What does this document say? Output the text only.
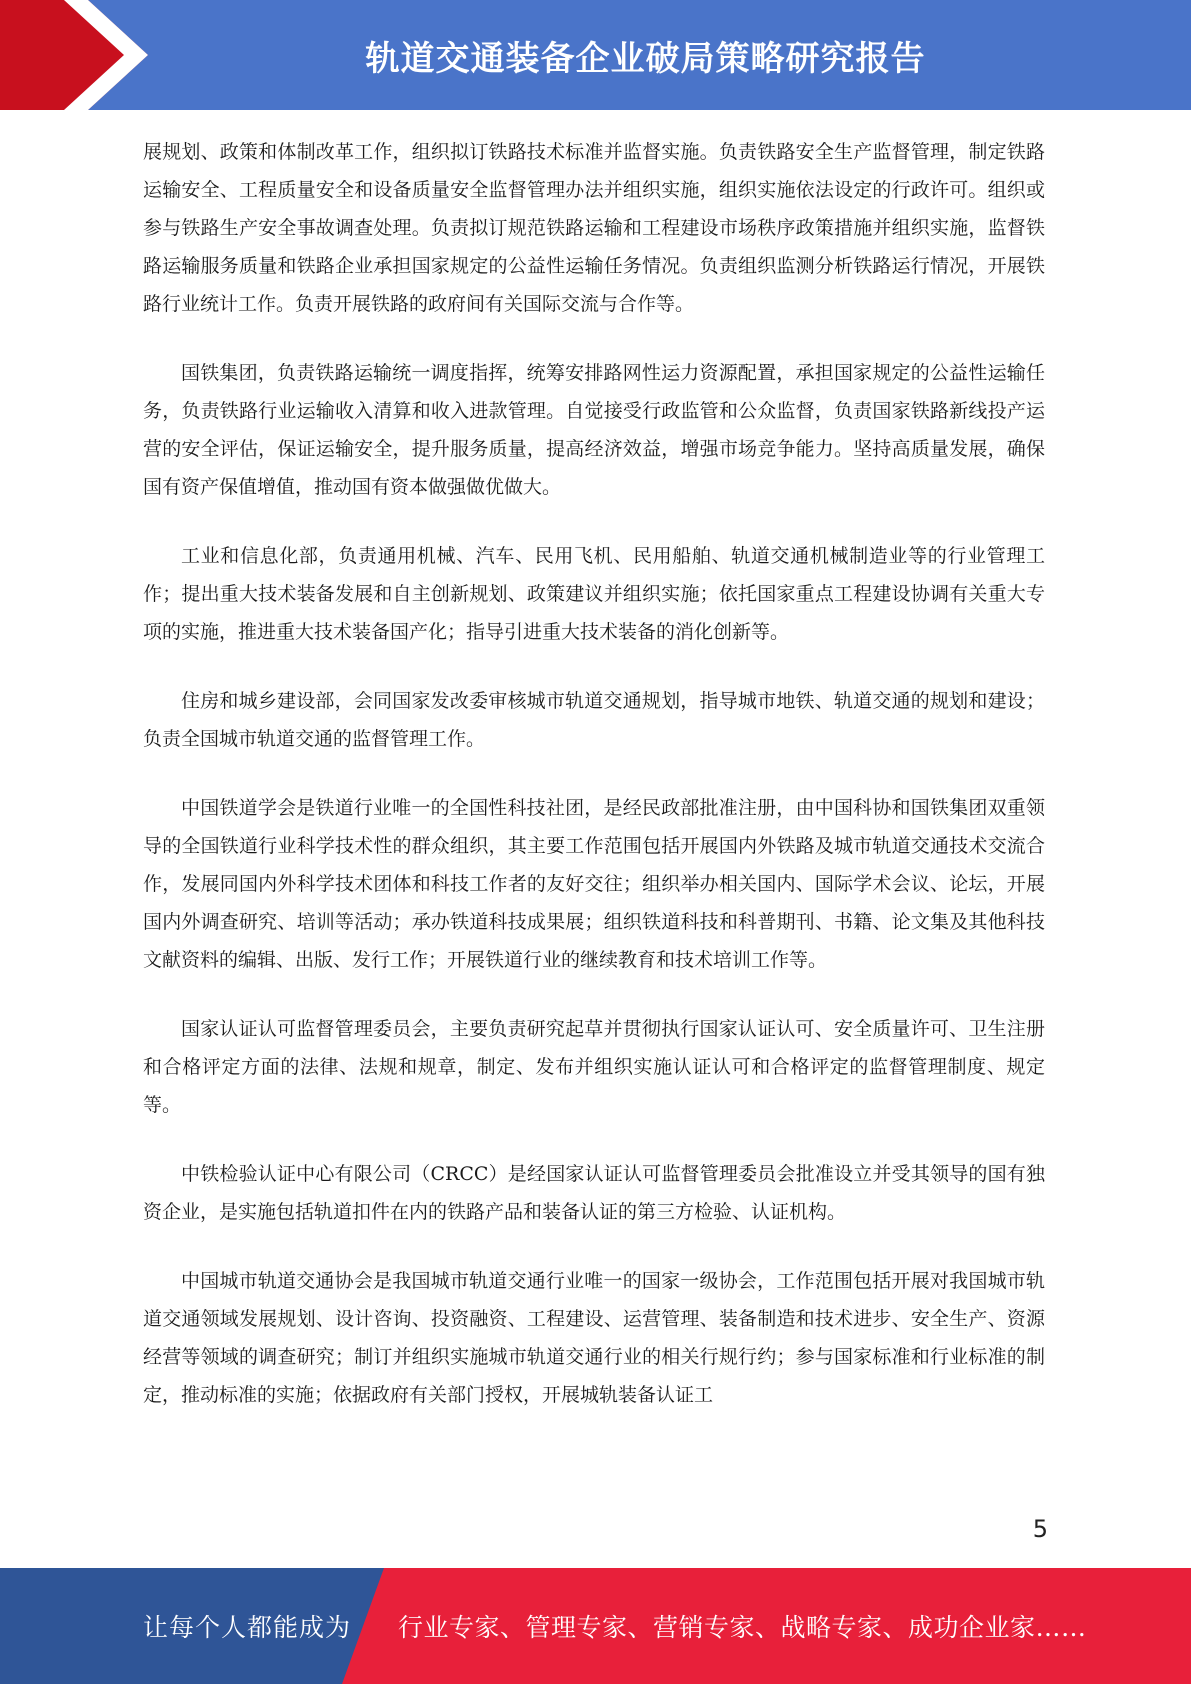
轨道交通装备企业破局策略研究报告

展规划、政策和体制改革工作，组织拟订铁路技术标准并监督实施。负责铁路安全生产监督管理，制定铁路运输安全、工程质量安全和设备质量安全监督管理办法并组织实施，组织实施依法设定的行政许可。组织或参与铁路生产安全事故调查处理。负责拟订规范铁路运输和工程建设市场秩序政策措施并组织实施，监督铁路运输服务质量和铁路企业承担国家规定的公益性运输任务情况。负责组织监测分析铁路运行情况，开展铁路行业统计工作。负责开展铁路的政府间有关国际交流与合作等。

国铁集团，负责铁路运输统一调度指挥，统筹安排路网性运力资源配置，承担国家规定的公益性运输任务，负责铁路行业运输收入清算和收入进款管理。自觉接受行政监管和公众监督，负责国家铁路新线投产运营的安全评估，保证运输安全，提升服务质量，提高经济效益，增强市场竞争能力。坚持高质量发展，确保国有资产保值增值，推动国有资本做强做优做大。

工业和信息化部，负责通用机械、汽车、民用飞机、民用船舶、轨道交通机械制造业等的行业管理工作；提出重大技术装备发展和自主创新规划、政策建议并组织实施；依托国家重点工程建设协调有关重大专项的实施，推进重大技术装备国产化；指导引进重大技术装备的消化创新等。

住房和城乡建设部，会同国家发改委审核城市轨道交通规划，指导城市地铁、轨道交通的规划和建设；负责全国城市轨道交通的监督管理工作。

中国铁道学会是铁道行业唯一的全国性科技社团，是经民政部批准注册，由中国科协和国铁集团双重领导的全国铁道行业科学技术性的群众组织，其主要工作范围包括开展国内外铁路及城市轨道交通技术交流合作，发展同国内外科学技术团体和科技工作者的友好交往；组织举办相关国内、国际学术会议、论坛，开展国内外调查研究、培训等活动；承办铁道科技成果展；组织铁道科技和科普期刊、书籍、论文集及其他科技文献资料的编辑、出版、发行工作；开展铁道行业的继续教育和技术培训工作等。

国家认证认可监督管理委员会，主要负责研究起草并贯彻执行国家认证认可、安全质量许可、卫生注册和合格评定方面的法律、法规和规章，制定、发布并组织实施认证认可和合格评定的监督管理制度、规定等。

中铁检验认证中心有限公司（CRCC）是经国家认证认可监督管理委员会批准设立并受其领导的国有独资企业，是实施包括轨道扣件在内的铁路产品和装备认证的第三方检验、认证机构。

中国城市轨道交通协会是我国城市轨道交通行业唯一的国家一级协会，工作范围包括开展对我国城市轨道交通领域发展规划、设计咨询、投资融资、工程建设、运营管理、装备制造和技术进步、安全生产、资源经营等领域的调查研究；制订并组织实施城市轨道交通行业的相关行规行约；参与国家标准和行业标准的制定，推动标准的实施；依据政府有关部门授权，开展城轨装备认证工

5
让每个人都能成为 行业专家、管理专家、营销专家、战略专家、成功企业家……
